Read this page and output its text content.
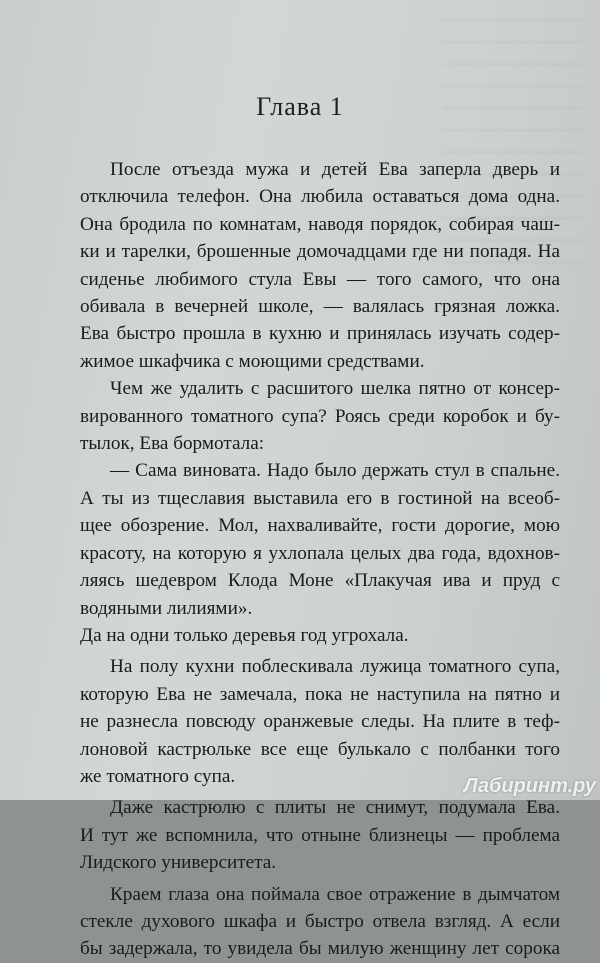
Глава 1
После отъезда мужа и детей Ева заперла дверь и
отключила телефон. Она любила оставаться дома одна.
Она бродила по комнатам, наводя порядок, собирая чаш-
ки и тарелки, брошенные домочадцами где ни попадя. На
сиденье любимого стула Евы — того самого, что она
обивала в вечерней школе, — валялась грязная ложка.
Ева быстро прошла в кухню и принялась изучать содер-
жимое шкафчика с моющими средствами.
Чем же удалить с расшитого шелка пятно от консер-
вированного томатного супа? Роясь среди коробок и бу-
тылок, Ева бормотала:
— Сама виновата. Надо было держать стул в спальне.
А ты из тщеславия выставила его в гостиной на всеоб-
щее обозрение. Мол, нахваливайте, гости дорогие, мою
красоту, на которую я ухлопала целых два года, вдохнов-
ляясь шедевром Клода Моне «Плакучая ива и пруд с
водяными лилиями».
Да на одни только деревья год угрохала.
На полу кухни поблескивала лужица томатного супа,
которую Ева не замечала, пока не наступила на пятно и
не разнесла повсюду оранжевые следы. На плите в теф-
лоновой кастрюльке все еще булькало с полбанки того
же томатного супа.
Даже кастрюлю с плиты не снимут, подумала Ева.
И тут же вспомнила, что отныне близнецы — проблема
Лидского университета.
Краем глаза она поймала свое отражение в дымчатом
стекле духового шкафа и быстро отвела взгляд. А если
бы задержала, то увидела бы милую женщину лет сорока
Лабиринт.ру
